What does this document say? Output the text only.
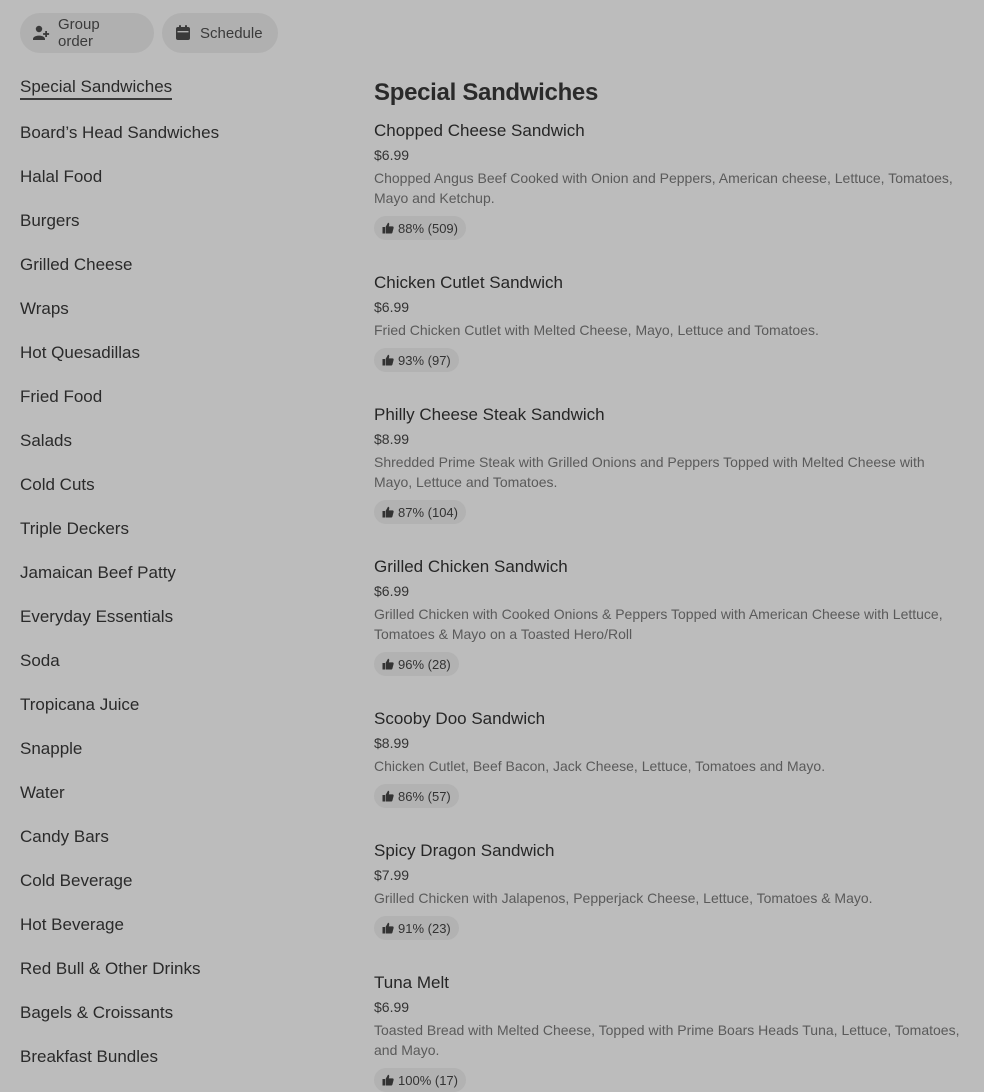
Group order	Schedule
Special Sandwiches
Board’s Head Sandwiches
Halal Food
Burgers
Grilled Cheese
Wraps
Hot Quesadillas
Fried Food
Salads
Cold Cuts
Triple Deckers
Jamaican Beef Patty
Everyday Essentials
Soda
Tropicana Juice
Snapple
Water
Candy Bars
Cold Beverage
Hot Beverage
Red Bull & Other Drinks
Bagels & Croissants
Breakfast Bundles
Special Sandwiches
Chopped Cheese Sandwich
$6.99
Chopped Angus Beef Cooked with Onion and Peppers, American cheese, Lettuce, Tomatoes, Mayo and Ketchup.
88% (509)
Chicken Cutlet Sandwich
$6.99
Fried Chicken Cutlet with Melted Cheese, Mayo, Lettuce and Tomatoes.
93% (97)
Philly Cheese Steak Sandwich
$8.99
Shredded Prime Steak with Grilled Onions and Peppers Topped with Melted Cheese with Mayo, Lettuce and Tomatoes.
87% (104)
Grilled Chicken Sandwich
$6.99
Grilled Chicken with Cooked Onions & Peppers Topped with American Cheese with Lettuce, Tomatoes & Mayo on a Toasted Hero/Roll
96% (28)
Scooby Doo Sandwich
$8.99
Chicken Cutlet, Beef Bacon, Jack Cheese, Lettuce, Tomatoes and Mayo.
86% (57)
Spicy Dragon Sandwich
$7.99
Grilled Chicken with Jalapenos, Pepperjack Cheese, Lettuce, Tomatoes & Mayo.
91% (23)
Tuna Melt
$6.99
Toasted Bread with Melted Cheese, Topped with Prime Boars Heads Tuna, Lettuce, Tomatoes, and Mayo.
100% (17)
